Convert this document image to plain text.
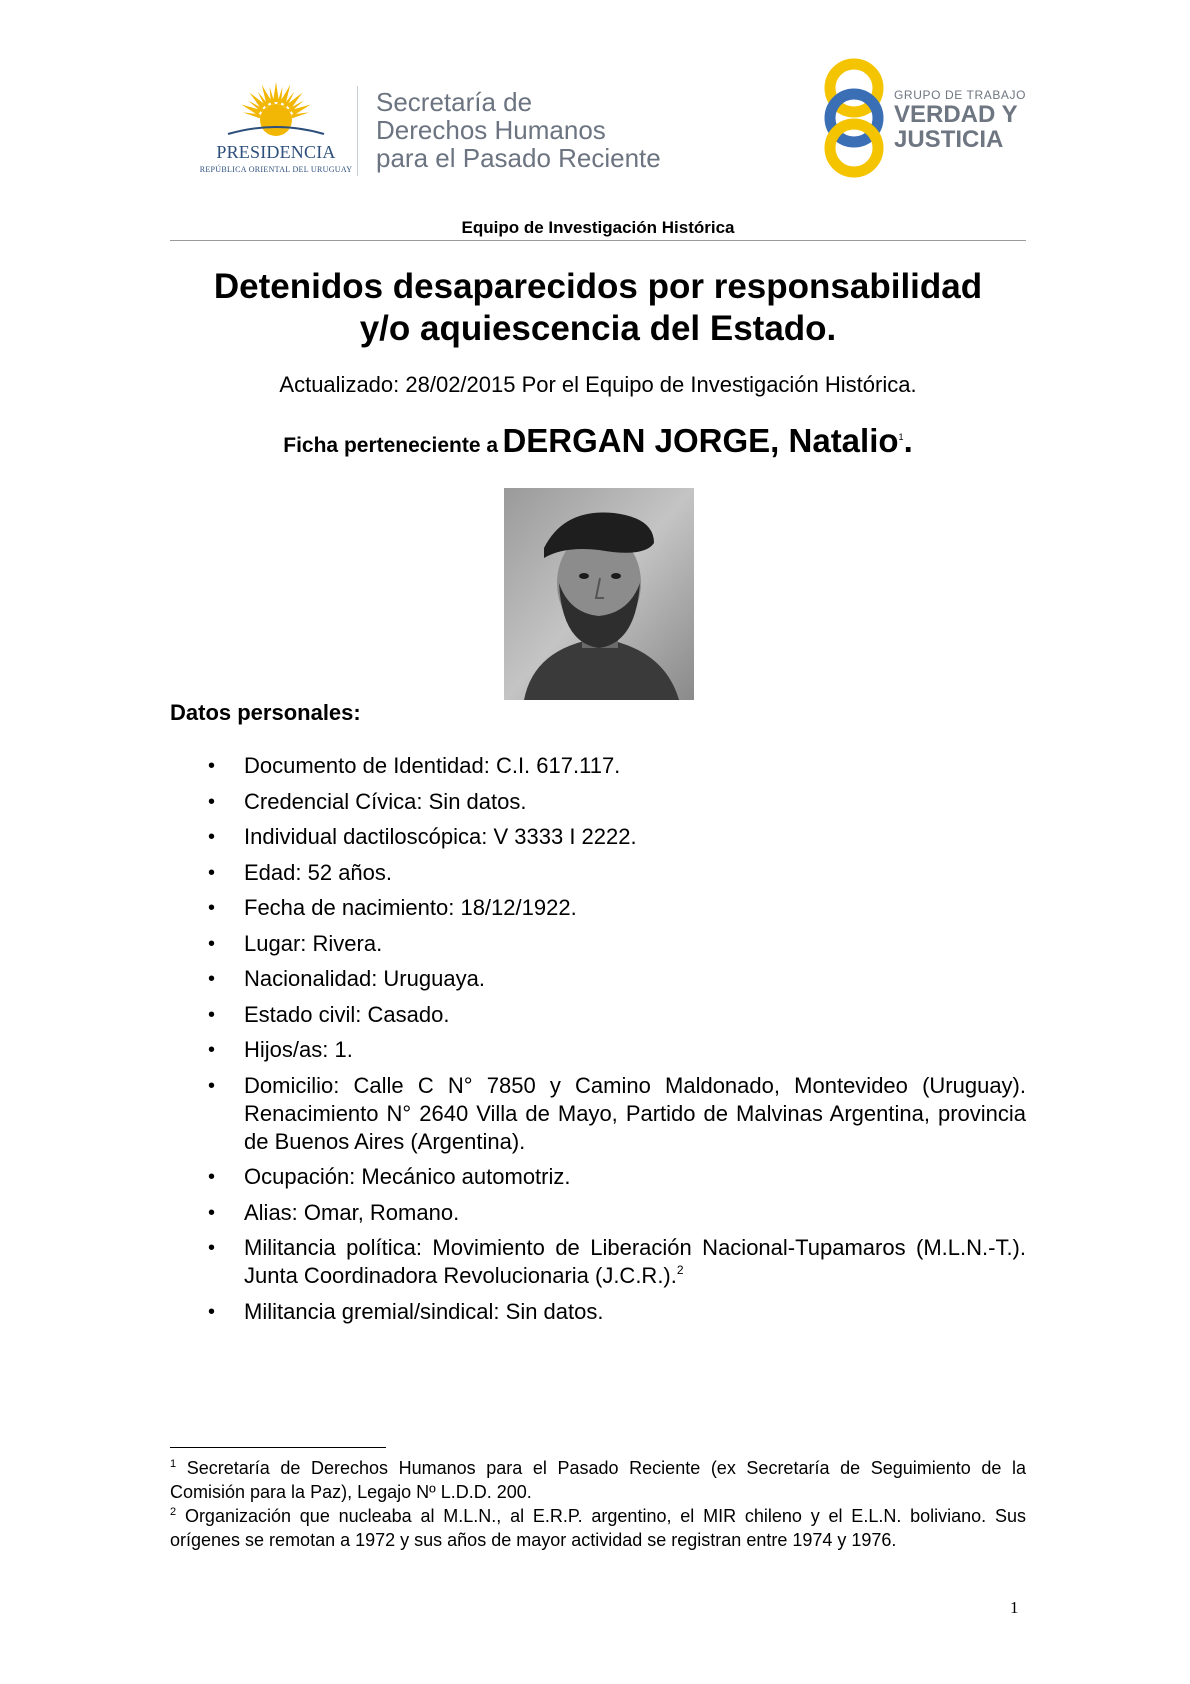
PRESIDENCIA
REPÚBLICA ORIENTAL DEL URUGUAY
Secretaría de
Derechos Humanos
para el Pasado Reciente
GRUPO DE TRABAJO
VERDAD Y
JUSTICIA
Equipo de Investigación Histórica
Detenidos desaparecidos por responsabilidad
y/o aquiescencia del Estado.
Actualizado: 28/02/2015 Por el Equipo de Investigación Histórica.
Ficha perteneciente a DERGAN JORGE, Natalio$^1$.
Datos personales:
• Documento de Identidad: C.I. 617.117.
• Credencial Cívica: Sin datos.
• Individual dactiloscópica: V 3333 I 2222.
• Edad: 52 años.
• Fecha de nacimiento: 18/12/1922.
• Lugar: Rivera.
• Nacionalidad: Uruguaya.
• Estado civil: Casado.
• Hijos/as: 1.
• Domicilio: Calle C N° 7850 y Camino Maldonado, Montevideo (Uruguay). Renacimiento N° 2640 Villa de Mayo, Partido de Malvinas Argentina, provincia de Buenos Aires (Argentina).
• Ocupación: Mecánico automotriz.
• Alias: Omar, Romano.
• Militancia política: Movimiento de Liberación Nacional-Tupamaros (M.L.N.-T.). Junta Coordinadora Revolucionaria (J.C.R.).$^2$
• Militancia gremial/sindical: Sin datos.

$^1$ Secretaría de Derechos Humanos para el Pasado Reciente (ex Secretaría de Seguimiento de la Comisión para la Paz), Legajo Nº L.D.D. 200.

$^2$ Organización que nucleaba al M.L.N., al E.R.P. argentino, el MIR chileno y el E.L.N. boliviano. Sus orígenes se remotan a 1972 y sus años de mayor actividad se registran entre 1974 y 1976.

1
